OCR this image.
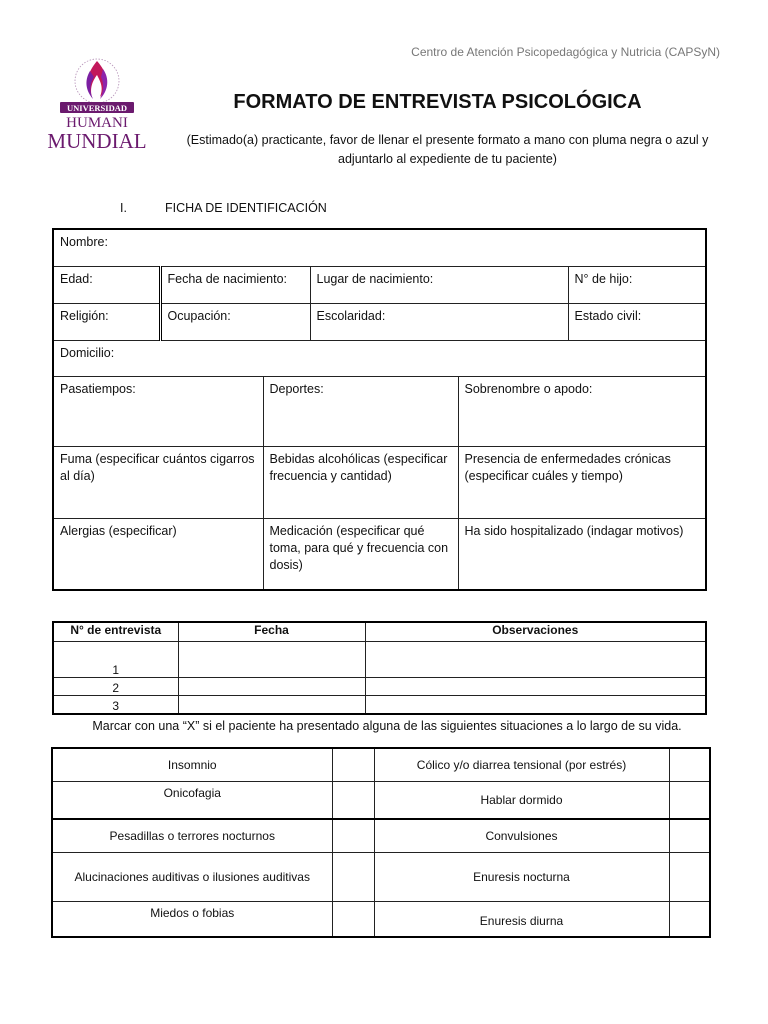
Centro de Atención Psicopedagógica y Nutricia (CAPSyN)
UNIVERSIDAD
HUMANI
MUNDIAL
FORMATO DE ENTREVISTA PSICOLÓGICA
(Estimado(a) practicante, favor de llenar el presente formato a mano con pluma negra o azul y adjuntarlo al expediente de tu paciente)
I.	FICHA DE IDENTIFICACIÓN
Nombre:					
Edad:	Fecha de nacimiento:		Lugar de nacimiento:		N° de hijo:
Religión:	Ocupación:		Escolaridad:		Estado civil:
Domicilio:					
Pasatiempos:		Deportes:		Sobrenombre o apodo:	
Fuma (especificar cuántos cigarros al día)		Bebidas alcohólicas (especificar frecuencia y cantidad)		Presencia de enfermedades crónicas (especificar cuáles y tiempo)	
Alergias (especificar)		Medicación (especificar qué toma, para qué y frecuencia con dosis)		Ha sido hospitalizado (indagar motivos)	
N° de entrevista	Fecha	Observaciones
1		
2		
3		
Marcar con una “X” si el paciente ha presentado alguna de las siguientes situaciones a lo largo de su vida.
Insomnio		Cólico y/o diarrea tensional (por estrés)	
Onicofagia		Hablar dormido	
Pesadillas o terrores nocturnos		Convulsiones	
Alucinaciones auditivas o ilusiones auditivas		Enuresis nocturna	
Miedos o fobias		Enuresis diurna	
